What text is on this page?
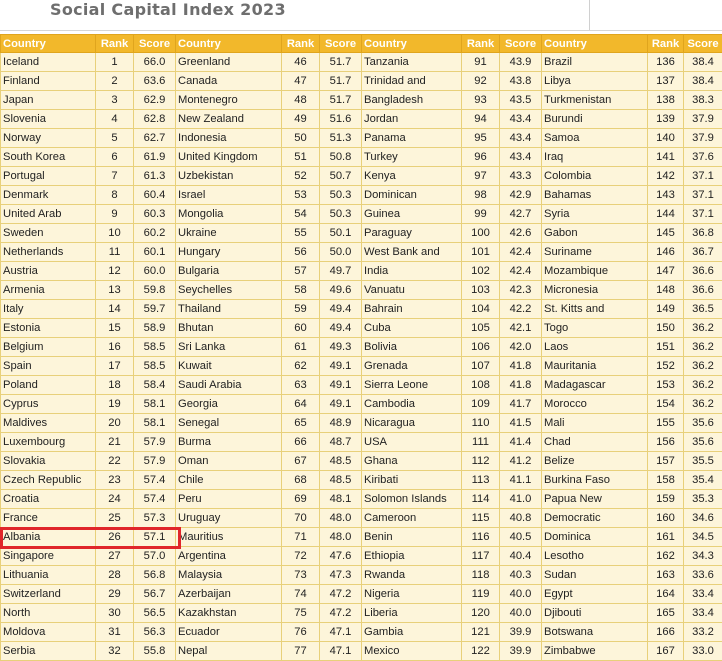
Social Capital Index 2023
Country	Rank	Score	Country	Rank	Score	Country	Rank	Score	Country	Rank	Score
Iceland	1	66.0	Greenland	46	51.7	Tanzania	91	43.9	Brazil	136	38.4
Finland	2	63.6	Canada	47	51.7	Trinidad and	92	43.8	Libya	137	38.4
Japan	3	62.9	Montenegro	48	51.7	Bangladesh	93	43.5	Turkmenistan	138	38.3
Slovenia	4	62.8	New Zealand	49	51.6	Jordan	94	43.4	Burundi	139	37.9
Norway	5	62.7	Indonesia	50	51.3	Panama	95	43.4	Samoa	140	37.9
South Korea	6	61.9	United Kingdom	51	50.8	Turkey	96	43.4	Iraq	141	37.6
Portugal	7	61.3	Uzbekistan	52	50.7	Kenya	97	43.3	Colombia	142	37.1
Denmark	8	60.4	Israel	53	50.3	Dominican	98	42.9	Bahamas	143	37.1
United Arab	9	60.3	Mongolia	54	50.3	Guinea	99	42.7	Syria	144	37.1
Sweden	10	60.2	Ukraine	55	50.1	Paraguay	100	42.6	Gabon	145	36.8
Netherlands	11	60.1	Hungary	56	50.0	West Bank and	101	42.4	Suriname	146	36.7
Austria	12	60.0	Bulgaria	57	49.7	India	102	42.4	Mozambique	147	36.6
Armenia	13	59.8	Seychelles	58	49.6	Vanuatu	103	42.3	Micronesia	148	36.6
Italy	14	59.7	Thailand	59	49.4	Bahrain	104	42.2	St. Kitts and	149	36.5
Estonia	15	58.9	Bhutan	60	49.4	Cuba	105	42.1	Togo	150	36.2
Belgium	16	58.5	Sri Lanka	61	49.3	Bolivia	106	42.0	Laos	151	36.2
Spain	17	58.5	Kuwait	62	49.1	Grenada	107	41.8	Mauritania	152	36.2
Poland	18	58.4	Saudi Arabia	63	49.1	Sierra Leone	108	41.8	Madagascar	153	36.2
Cyprus	19	58.1	Georgia	64	49.1	Cambodia	109	41.7	Morocco	154	36.2
Maldives	20	58.1	Senegal	65	48.9	Nicaragua	110	41.5	Mali	155	35.6
Luxembourg	21	57.9	Burma	66	48.7	USA	111	41.4	Chad	156	35.6
Slovakia	22	57.9	Oman	67	48.5	Ghana	112	41.2	Belize	157	35.5
Czech Republic	23	57.4	Chile	68	48.5	Kiribati	113	41.1	Burkina Faso	158	35.4
Croatia	24	57.4	Peru	69	48.1	Solomon Islands	114	41.0	Papua New	159	35.3
France	25	57.3	Uruguay	70	48.0	Cameroon	115	40.8	Democratic	160	34.6
Albania	26	57.1	Mauritius	71	48.0	Benin	116	40.5	Dominica	161	34.5
Singapore	27	57.0	Argentina	72	47.6	Ethiopia	117	40.4	Lesotho	162	34.3
Lithuania	28	56.8	Malaysia	73	47.3	Rwanda	118	40.3	Sudan	163	33.6
Switzerland	29	56.7	Azerbaijan	74	47.2	Nigeria	119	40.0	Egypt	164	33.4
North	30	56.5	Kazakhstan	75	47.2	Liberia	120	40.0	Djibouti	165	33.4
Moldova	31	56.3	Ecuador	76	47.1	Gambia	121	39.9	Botswana	166	33.2
Serbia	32	55.8	Nepal	77	47.1	Mexico	122	39.9	Zimbabwe	167	33.0
